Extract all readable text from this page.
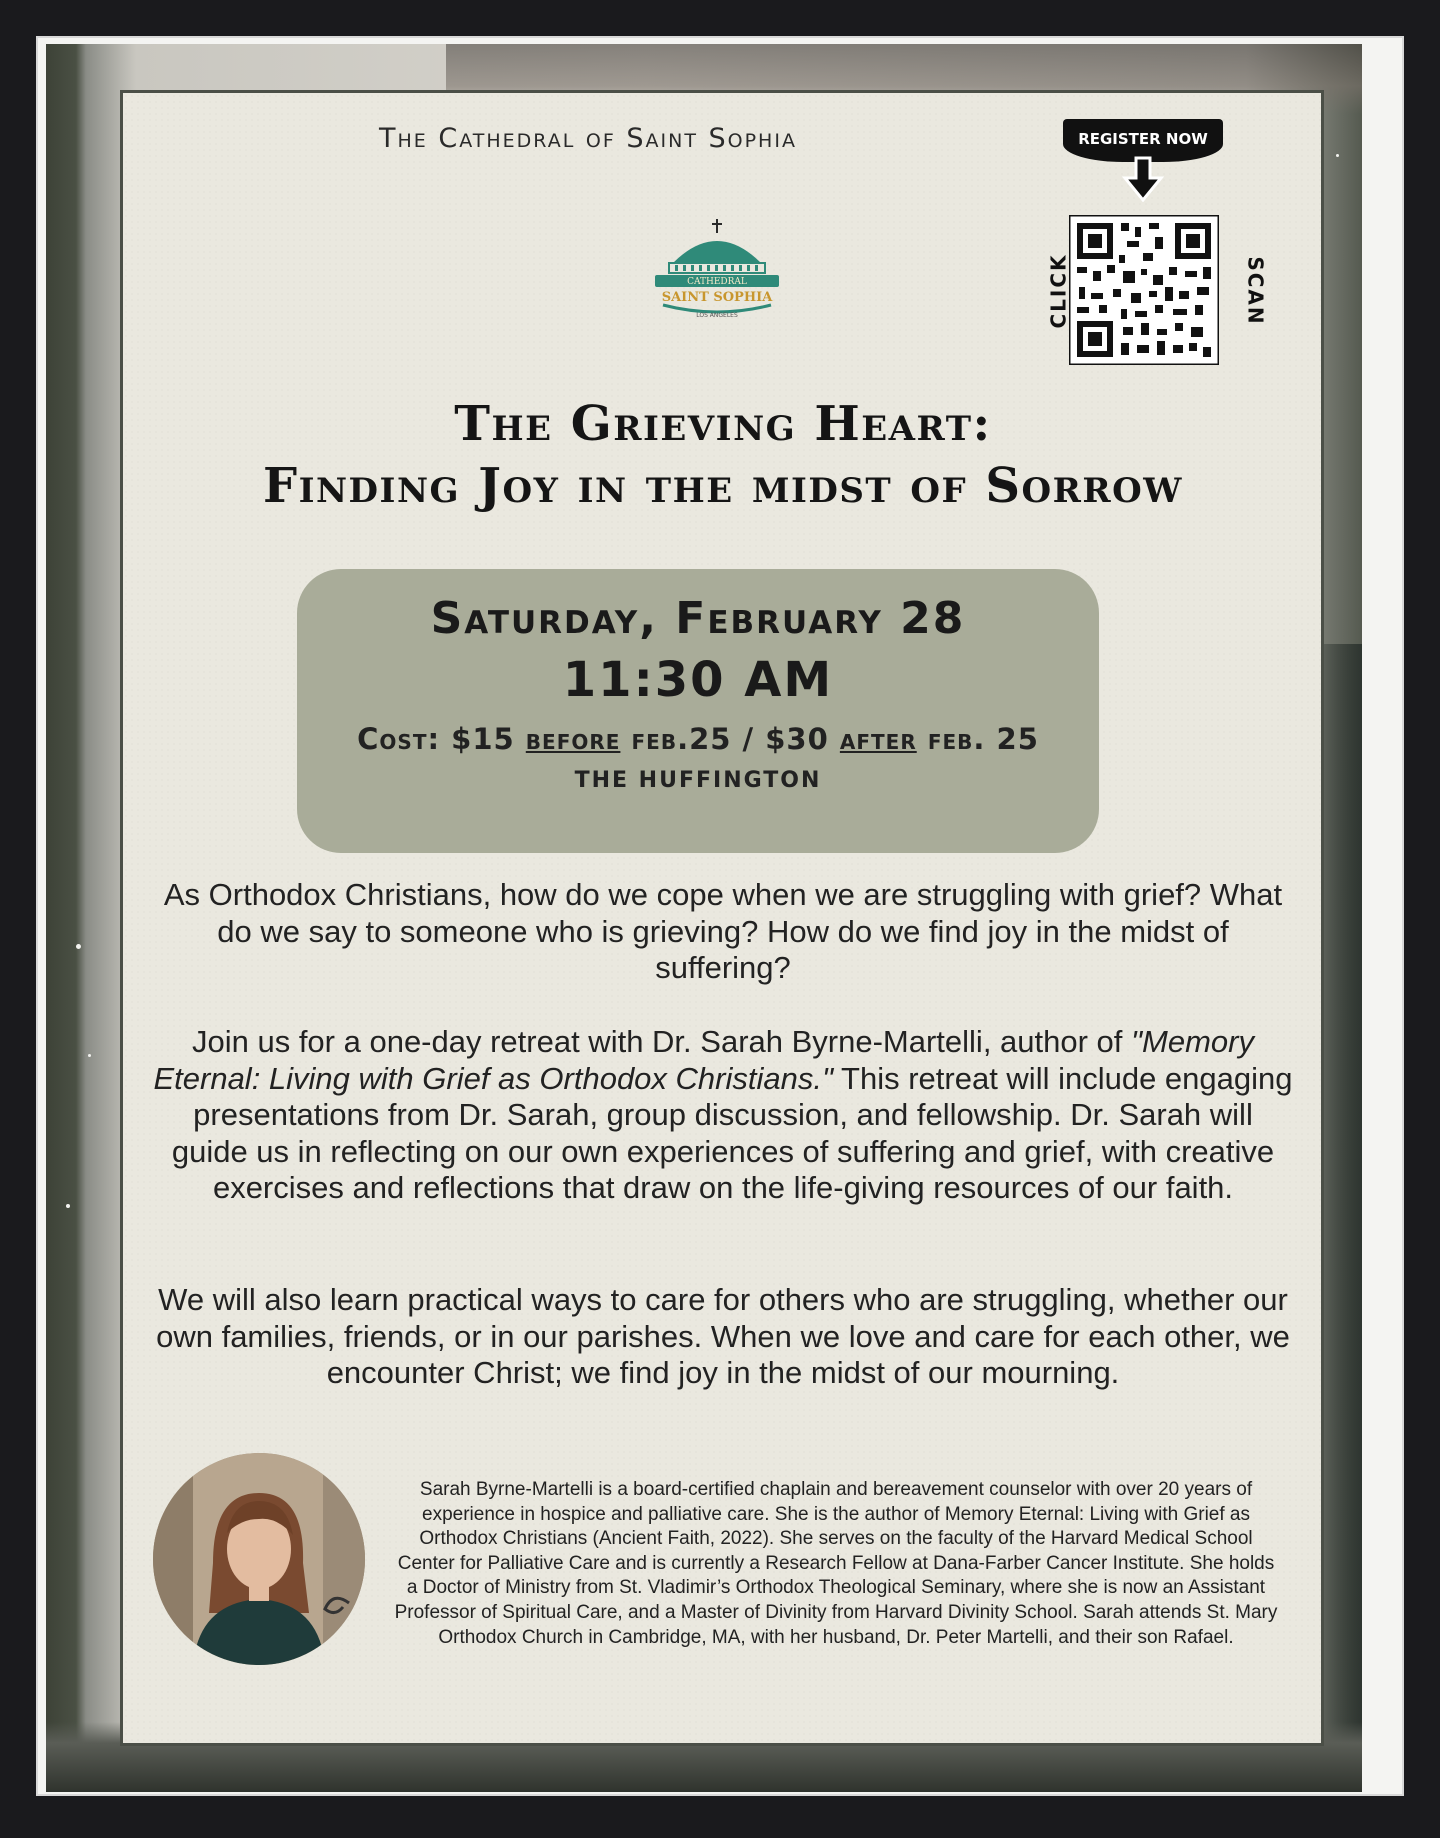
The Cathedral of Saint Sophia
CATHEDRAL
SAINT SOPHIA
LOS ANGELES
REGISTER NOW
CLICK	SCAN
The Grieving Heart:
Finding Joy in the midst of Sorrow
Saturday, February 28
11:30 AM
Cost: $15 before feb.25 / $30 after feb. 25
THE HUFFINGTON
As Orthodox Christians, how do we cope when we are struggling with grief? What do we say to someone who is grieving? How do we find joy in the midst of suffering?
Join us for a one-day retreat with Dr. Sarah Byrne-Martelli, author of "Memory Eternal: Living with Grief as Orthodox Christians." This retreat will include engaging presentations from Dr. Sarah, group discussion, and fellowship. Dr. Sarah will guide us in reflecting on our own experiences of suffering and grief, with creative exercises and reflections that draw on the life-giving resources of our faith.
We will also learn practical ways to care for others who are struggling, whether our own families, friends, or in our parishes. When we love and care for each other, we encounter Christ; we find joy in the midst of our mourning.
Sarah Byrne-Martelli is a board-certified chaplain and bereavement counselor with over 20 years of experience in hospice and palliative care. She is the author of Memory Eternal: Living with Grief as Orthodox Christians (Ancient Faith, 2022). She serves on the faculty of the Harvard Medical School Center for Palliative Care and is currently a Research Fellow at Dana-Farber Cancer Institute. She holds a Doctor of Ministry from St. Vladimir’s Orthodox Theological Seminary, where she is now an Assistant Professor of Spiritual Care, and a Master of Divinity from Harvard Divinity School. Sarah attends St. Mary Orthodox Church in Cambridge, MA, with her husband, Dr. Peter Martelli, and their son Rafael.
